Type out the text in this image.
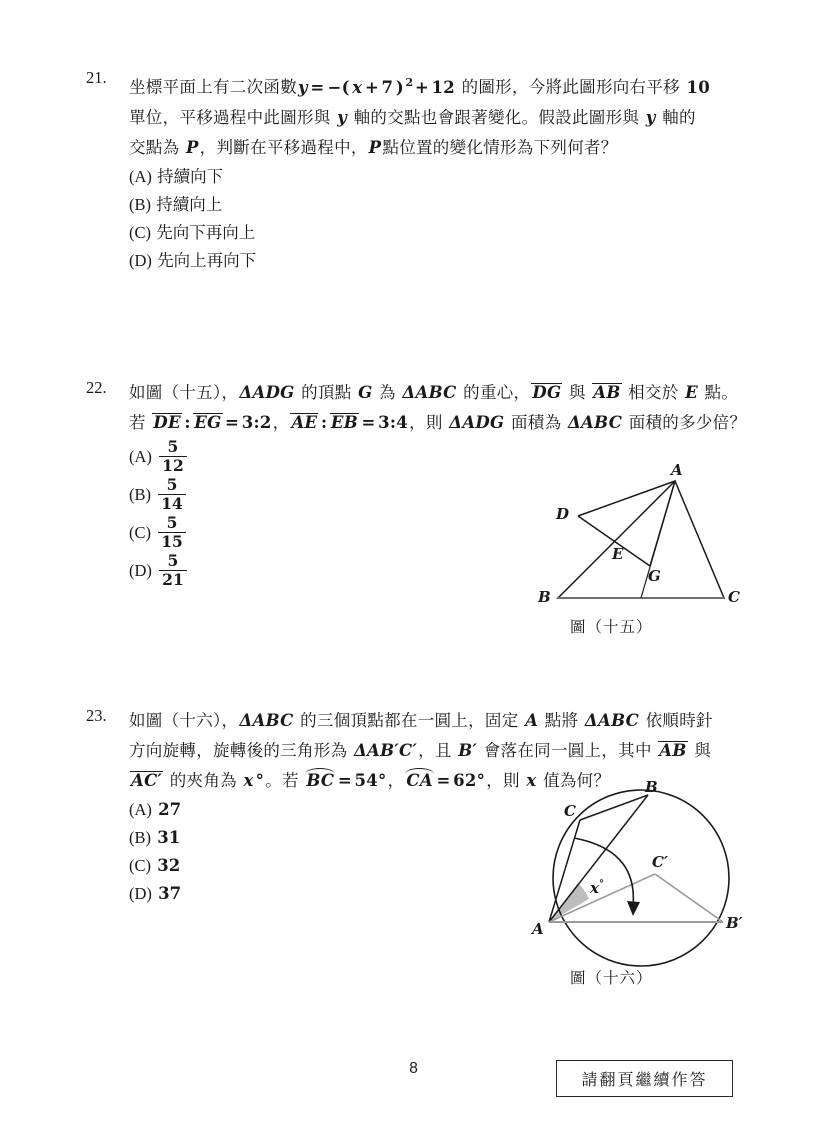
21.	坐標平面上有二次函數y = −( x + 7 ) $^2$+ 12 的圖形，今將此圖形向右平移 10
單位，平移過程中此圖形與 y 軸的交點也會跟著變化。假設此圖形與 y 軸的
交點為 P，判斷在平移過程中，P點位置的變化情形為下列何者？
(A) 持續向下
(B) 持續向上
(C) 先向下再向上
(D) 先向上再向下
22.	如圖（十五），ΔADG 的頂點 G 為 ΔABC 的重心， DG 與 AB 相交於 E 點。
若 DE : EG = 3:2， AE : EB = 3:4，則 ΔADG 面積為 ΔABC 面積的多少倍？
$(A) \frac{5}{12}$
$(B) \frac{5}{14}$
$(C) \frac{5}{15}$
$(D) \frac{5}{21}$
A
D
E
G
B	C
圖（十五）
23.	如圖（十六），ΔABC 的三個頂點都在一圓上，固定 A 點將 ΔABC 依順時針
方向旋轉，旋轉後的三角形為 ΔAB′C′，且 B′ 會落在同一圓上，其中 AB 與
AC′ 的夾角為 x °。若 BC = 54°， CA = 62°，則 x 值為何？
(A) 27
(B) 31
(C) 32
(D) 37
B
C
C′
A	B′
x°
圖（十六）
8
請翻頁繼續作答
